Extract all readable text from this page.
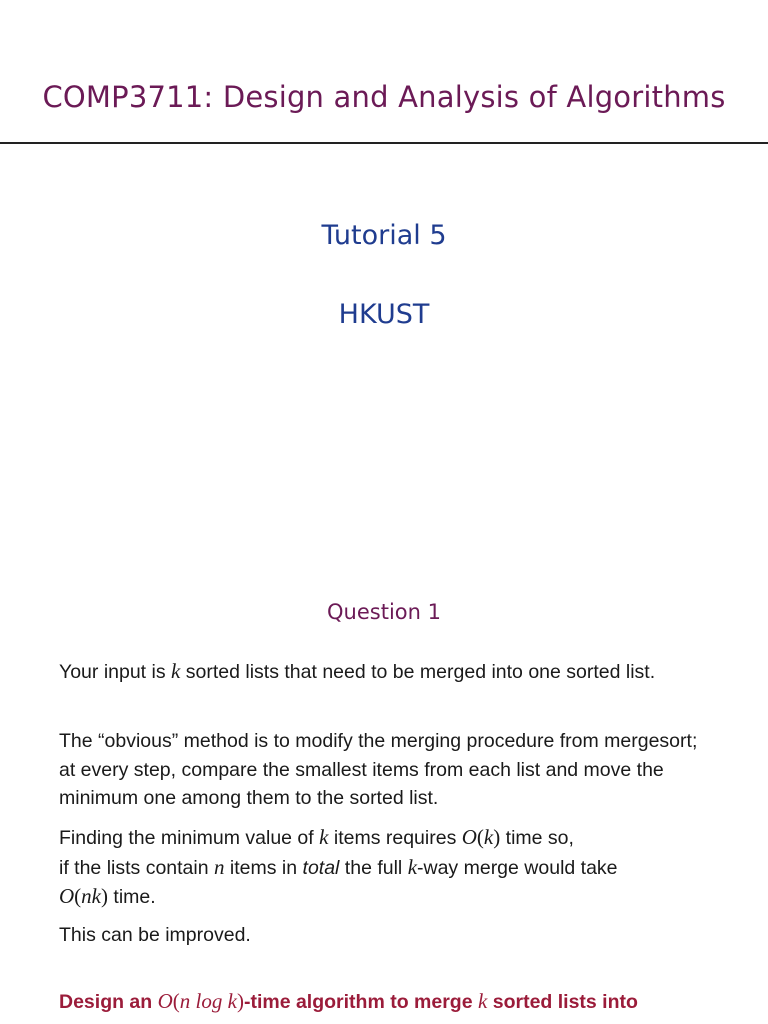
COMP3711: Design and Analysis of Algorithms
Tutorial 5
HKUST
Question 1
Your input is k sorted lists that need to be merged into one sorted list.
The “obvious” method is to modify the merging procedure from mergesort; at every step, compare the smallest items from each list and move the minimum one among them to the sorted list.
Finding the minimum value of k items requires O(k) time so,
if the lists contain n items in total the full k-way merge would take
O(nk) time.
This can be improved.
Design an O(n log k)-time algorithm to merge k sorted lists into
